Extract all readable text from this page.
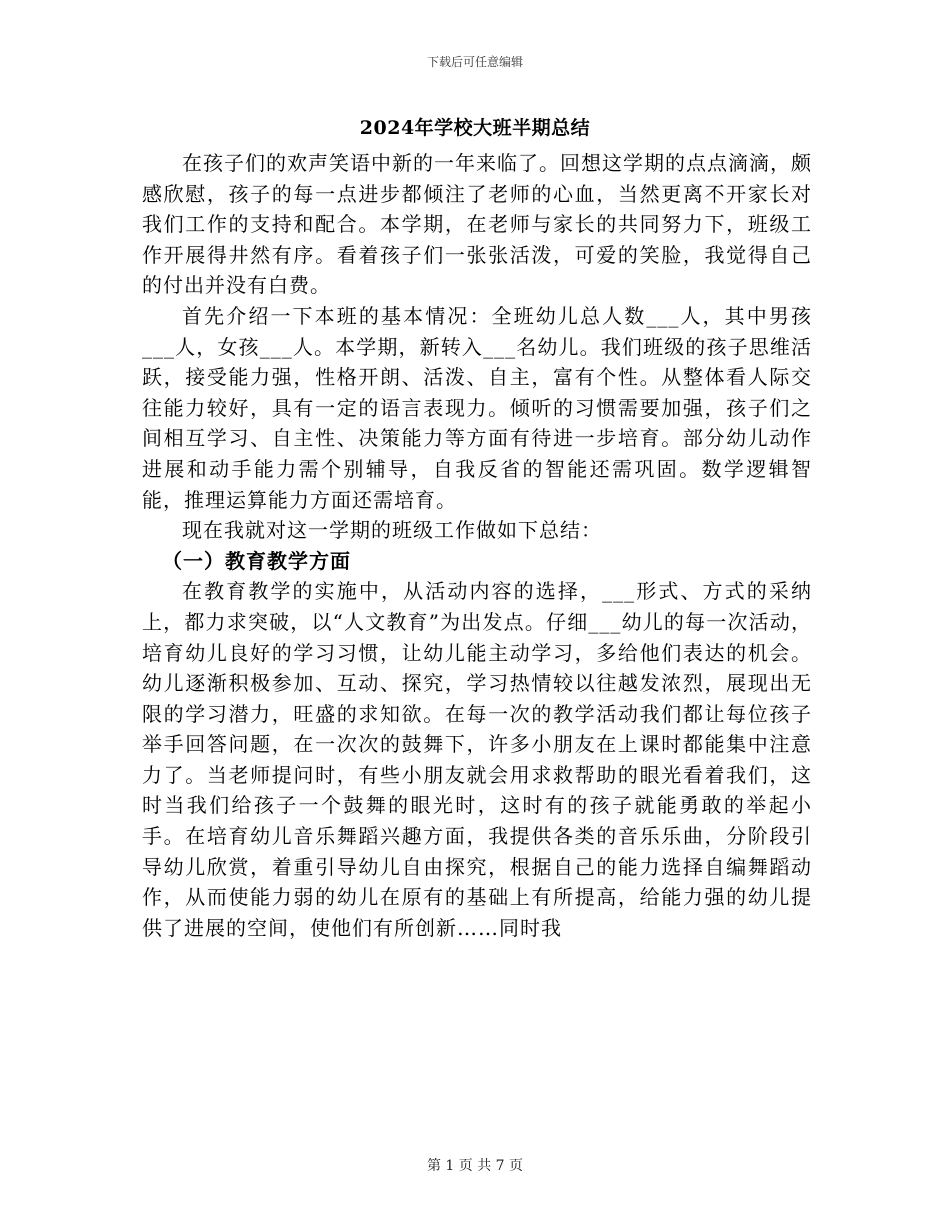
下载后可任意编辑
2024年学校大班半期总结

在孩子们的欢声笑语中新的一年来临了。回想这学期的点点滴滴，颇感欣慰，孩子的每一点进步都倾注了老师的心血，当然更离不开家长对我们工作的支持和配合。本学期，在老师与家长的共同努力下，班级工作开展得井然有序。看着孩子们一张张活泼，可爱的笑脸，我觉得自己的付出并没有白费。

首先介绍一下本班的基本情况：全班幼儿总人数___人，其中男孩___人，女孩___人。本学期，新转入___名幼儿。我们班级的孩子思维活跃，接受能力强，性格开朗、活泼、自主，富有个性。从整体看人际交往能力较好，具有一定的语言表现力。倾听的习惯需要加强，孩子们之间相互学习、自主性、决策能力等方面有待进一步培育。部分幼儿动作进展和动手能力需个别辅导，自我反省的智能还需巩固。数学逻辑智能，推理运算能力方面还需培育。

现在我就对这一学期的班级工作做如下总结：

（一）教育教学方面

在教育教学的实施中，从活动内容的选择，___形式、方式的采纳上，都力求突破，以“人文教育”为出发点。仔细___幼儿的每一次活动，培育幼儿良好的学习习惯，让幼儿能主动学习，多给他们表达的机会。幼儿逐渐积极参加、互动、探究，学习热情较以往越发浓烈，展现出无限的学习潜力，旺盛的求知欲。在每一次的教学活动我们都让每位孩子举手回答问题，在一次次的鼓舞下，许多小朋友在上课时都能集中注意力了。当老师提问时，有些小朋友就会用求救帮助的眼光看着我们，这时当我们给孩子一个鼓舞的眼光时，这时有的孩子就能勇敢的举起小手。在培育幼儿音乐舞蹈兴趣方面，我提供各类的音乐乐曲，分阶段引导幼儿欣赏，着重引导幼儿自由探究，根据自己的能力选择自编舞蹈动作，从而使能力弱的幼儿在原有的基础上有所提高，给能力强的幼儿提供了进展的空间，使他们有所创新……同时我

第 1 页 共 7 页
